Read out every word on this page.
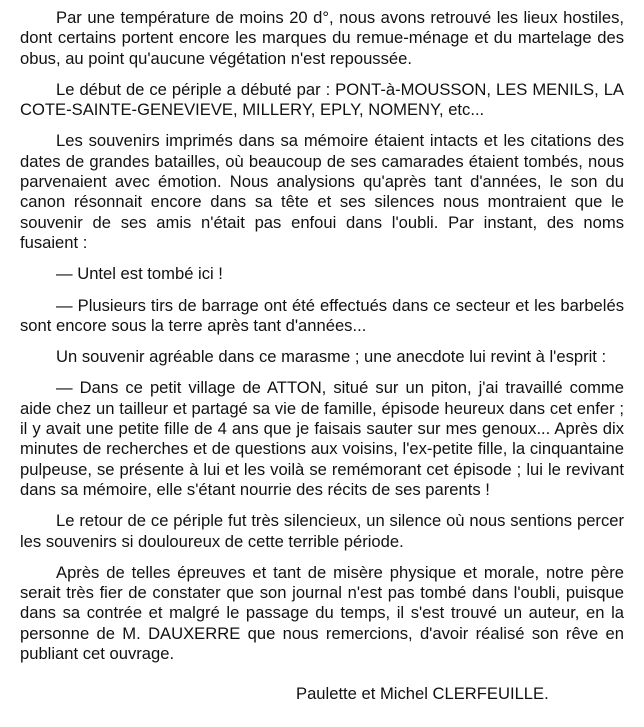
Par une température de moins 20 d°, nous avons retrouvé les lieux hostiles, dont certains portent encore les marques du remue-ménage et du martelage des obus, au point qu'aucune végétation n'est repoussée.

Le début de ce périple a débuté par : PONT-à-MOUSSON, LES MENILS, LA COTE-SAINTE-GENEVIEVE, MILLERY, EPLY, NOMENY, etc...

Les souvenirs imprimés dans sa mémoire étaient intacts et les citations des dates de grandes batailles, où beaucoup de ses camarades étaient tombés, nous parvenaient avec émotion. Nous analysions qu'après tant d'années, le son du canon résonnait encore dans sa tête et ses silences nous montraient que le souvenir de ses amis n'était pas enfoui dans l'oubli. Par instant, des noms fusaient :

— Untel est tombé ici !

— Plusieurs tirs de barrage ont été effectués dans ce secteur et les barbelés sont encore sous la terre après tant d'années...

Un souvenir agréable dans ce marasme ; une anecdote lui revint à l'esprit :

— Dans ce petit village de ATTON, situé sur un piton, j'ai travaillé comme aide chez un tailleur et partagé sa vie de famille, épisode heureux dans cet enfer ; il y avait une petite fille de 4 ans que je faisais sauter sur mes genoux... Après dix minutes de recherches et de questions aux voisins, l'ex-petite fille, la cinquantaine pulpeuse, se présente à lui et les voilà se remémorant cet épisode ; lui le revivant dans sa mémoire, elle s'étant nourrie des récits de ses parents !

Le retour de ce périple fut très silencieux, un silence où nous sentions percer les souvenirs si douloureux de cette terrible période.

Après de telles épreuves et tant de misère physique et morale, notre père serait très fier de constater que son journal n'est pas tombé dans l'oubli, puisque dans sa contrée et malgré le passage du temps, il s'est trouvé un auteur, en la personne de M. DAUXERRE que nous remercions, d'avoir réalisé son rêve en publiant cet ouvrage.

Paulette et Michel CLERFEUILLE.
